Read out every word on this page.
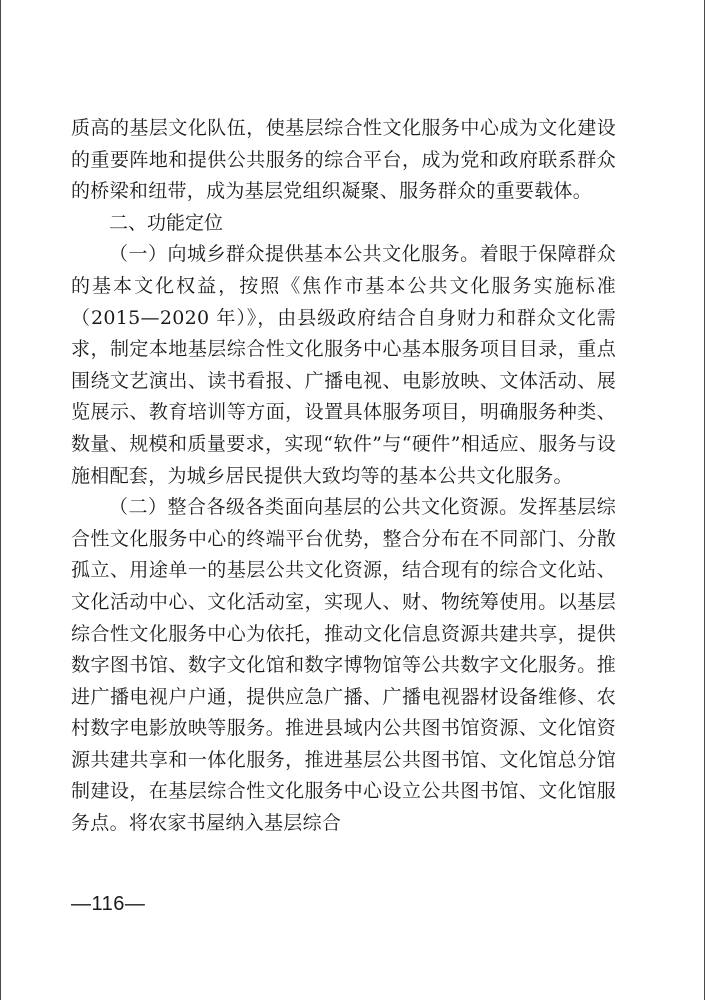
质高的基层文化队伍，使基层综合性文化服务中心成为文化建设的重要阵地和提供公共服务的综合平台，成为党和政府联系群众的桥梁和纽带，成为基层党组织凝聚、服务群众的重要载体。

二、功能定位

（一）向城乡群众提供基本公共文化服务。着眼于保障群众的基本文化权益，按照《焦作市基本公共文化服务实施标准（2015—2020 年）》，由县级政府结合自身财力和群众文化需求，制定本地基层综合性文化服务中心基本服务项目目录，重点围绕文艺演出、读书看报、广播电视、电影放映、文体活动、展览展示、教育培训等方面，设置具体服务项目，明确服务种类、数量、规模和质量要求，实现“软件”与“硬件”相适应、服务与设施相配套，为城乡居民提供大致均等的基本公共文化服务。

（二）整合各级各类面向基层的公共文化资源。发挥基层综合性文化服务中心的终端平台优势，整合分布在不同部门、分散孤立、用途单一的基层公共文化资源，结合现有的综合文化站、文化活动中心、文化活动室，实现人、财、物统筹使用。以基层综合性文化服务中心为依托，推动文化信息资源共建共享，提供数字图书馆、数字文化馆和数字博物馆等公共数字文化服务。推进广播电视户户通，提供应急广播、广播电视器材设备维修、农村数字电影放映等服务。推进县域内公共图书馆资源、文化馆资源共建共享和一体化服务，推进基层公共图书馆、文化馆总分馆制建设，在基层综合性文化服务中心设立公共图书馆、文化馆服务点。将农家书屋纳入基层综合

—116—
